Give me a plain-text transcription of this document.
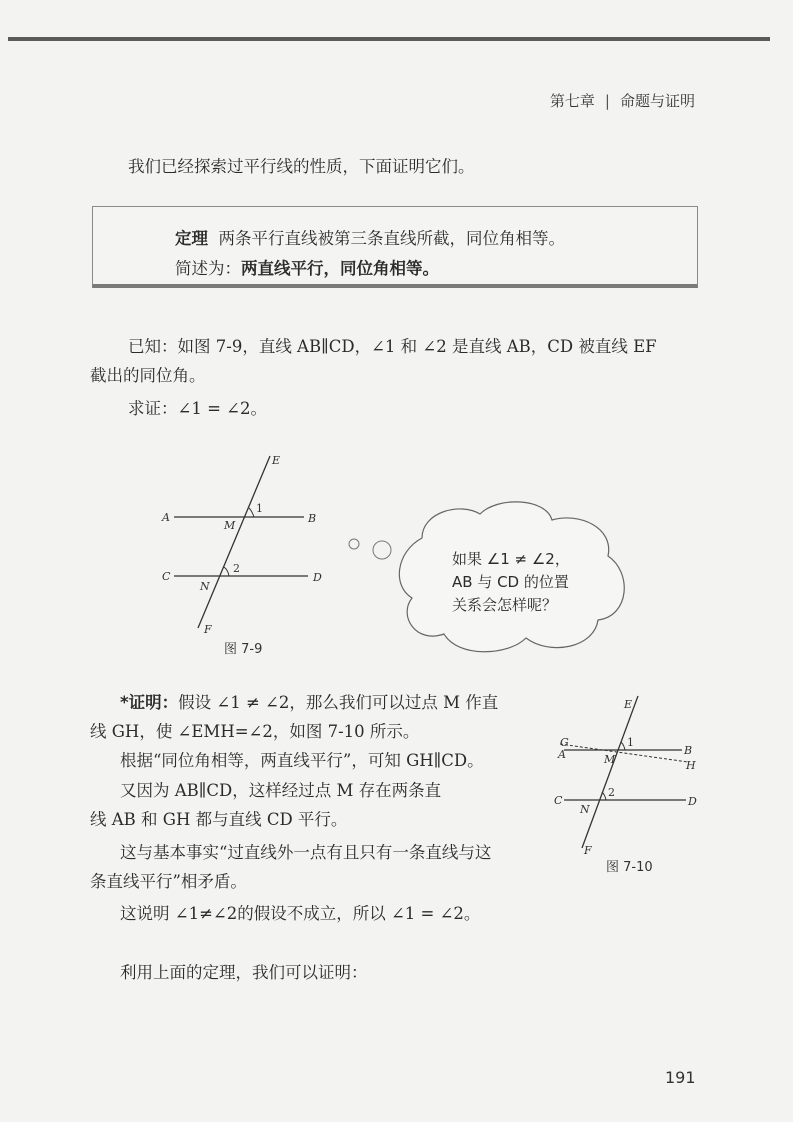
第七章 | 命题与证明
我们已经探索过平行线的性质，下面证明它们。
定理 两条平行直线被第三条直线所截，同位角相等。
简述为：两直线平行，同位角相等。
已知：如图 7-9，直线 AB∥CD，∠1 和 ∠2 是直线 AB，CD 被直线 EF
截出的同位角。
求证：∠1 = ∠2。
A	B
C	D
E
F
M
N
1
2
图 7-9
如果 ∠1 ≠ ∠2，
AB 与 CD 的位置
关系会怎样呢？
*证明：假设 ∠1 ≠ ∠2，那么我们可以过点 M 作直
线 GH，使 ∠EMH=∠2，如图 7-10 所示。
根据“同位角相等，两直线平行”，可知 GH∥CD。
又因为 AB∥CD，这样经过点 M 存在两条直
线 AB 和 GH 都与直线 CD 平行。
这与基本事实“过直线外一点有且只有一条直线与这
条直线平行”相矛盾。
这说明 ∠1≠∠2的假设不成立，所以 ∠1 = ∠2。
G
A	B
H
C	D
E
F
M
N
1
2
图 7-10
利用上面的定理，我们可以证明：
191
